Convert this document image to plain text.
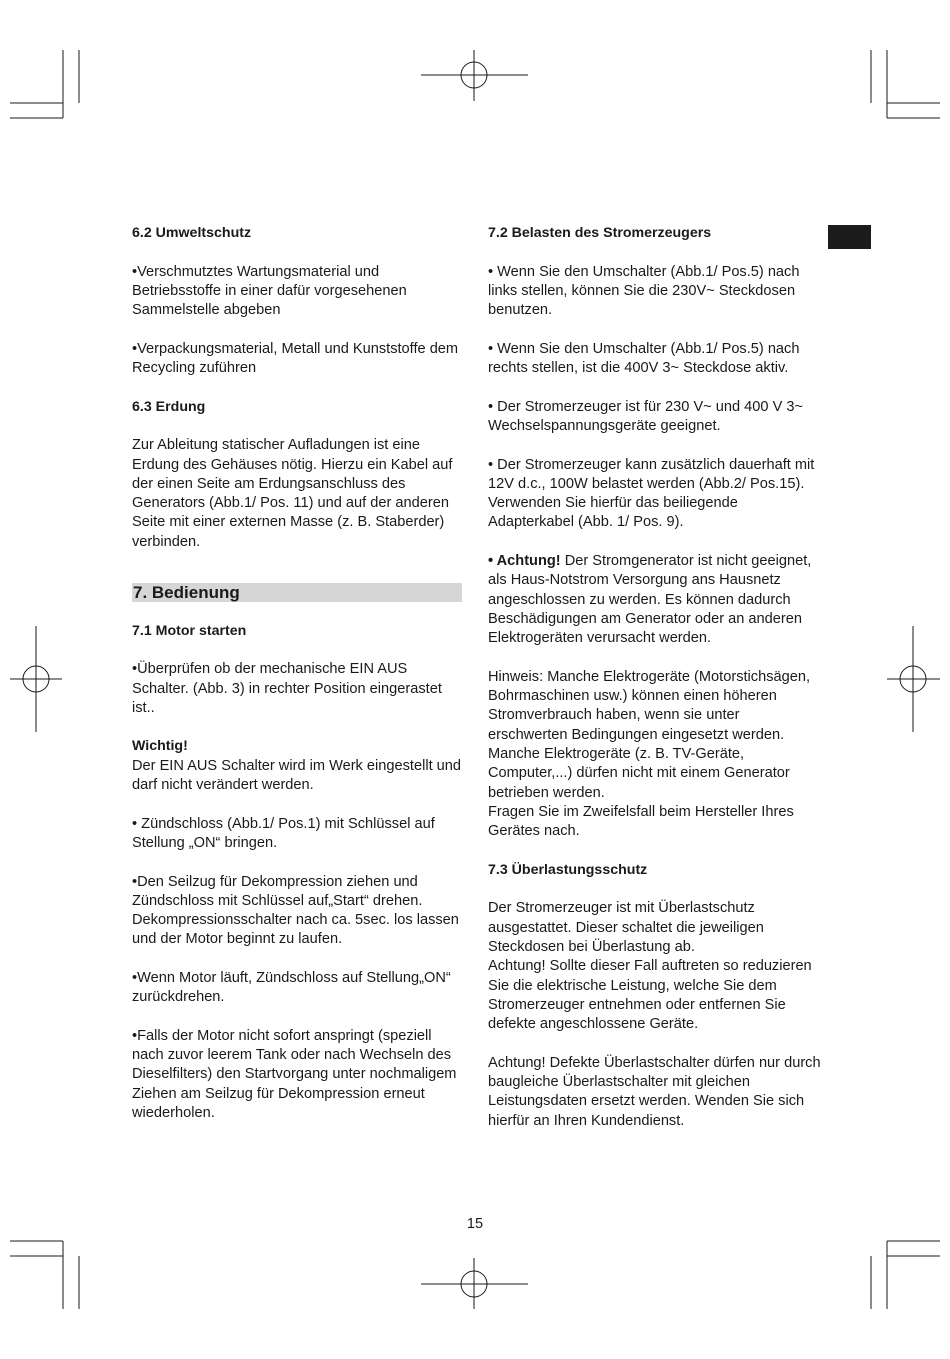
6.2 Umweltschutz

•Verschmutztes Wartungsmaterial und Betriebsstoffe in einer dafür vorgesehenen Sammelstelle abgeben

•Verpackungsmaterial, Metall und Kunststoffe dem Recycling zuführen

6.3 Erdung

Zur Ableitung statischer Aufladungen ist eine Erdung des Gehäuses nötig. Hierzu ein Kabel auf der einen Seite am Erdungsanschluss des Generators (Abb.1/ Pos. 11) und auf der anderen Seite mit einer externen Masse (z. B. Staberder) verbinden.

7. Bedienung

7.1 Motor starten

•Überprüfen ob der mechanische EIN AUS Schalter. (Abb. 3) in rechter Position eingerastet ist..

Wichtig!

Der EIN AUS Schalter wird im Werk eingestellt und darf nicht verändert werden.

• Zündschloss (Abb.1/ Pos.1) mit Schlüssel auf Stellung „ON“ bringen.

•Den Seilzug für Dekompression ziehen und Zündschloss mit Schlüssel auf„Start“ drehen. Dekompressionsschalter nach ca. 5sec. los lassen und der Motor beginnt zu laufen.

•Wenn Motor läuft, Zündschloss auf Stellung„ON“ zurückdrehen.

•Falls der Motor nicht sofort anspringt (speziell nach zuvor leerem Tank oder nach Wechseln des Dieselfilters) den Startvorgang unter nochmaligem Ziehen am Seilzug für Dekompression erneut wiederholen.

7.2 Belasten des Stromerzeugers

• Wenn Sie den Umschalter (Abb.1/ Pos.5) nach links stellen, können Sie die 230V~ Steckdosen benutzen.

• Wenn Sie den Umschalter (Abb.1/ Pos.5) nach rechts stellen, ist die 400V 3~ Steckdose aktiv.

• Der Stromerzeuger ist für 230 V~ und 400 V 3~ Wechselspannungsgeräte geeignet.

• Der Stromerzeuger kann zusätzlich dauerhaft mit 12V d.c., 100W belastet werden (Abb.2/ Pos.15). Verwenden Sie hierfür das beiliegende Adapterkabel (Abb. 1/ Pos. 9).

• Achtung! Der Stromgenerator ist nicht geeignet, als Haus-Notstrom Versorgung ans Hausnetz angeschlossen zu werden. Es können dadurch Beschädigungen am Generator oder an anderen Elektrogeräten verursacht werden.

Hinweis: Manche Elektrogeräte (Motorstichsägen, Bohrmaschinen usw.) können einen höheren Stromverbrauch haben, wenn sie unter erschwerten Bedingungen eingesetzt werden. Manche Elektrogeräte (z. B. TV-Geräte, Computer,...) dürfen nicht mit einem Generator betrieben werden.

Fragen Sie im Zweifelsfall beim Hersteller Ihres Gerätes nach.

7.3 Überlastungsschutz

Der Stromerzeuger ist mit Überlastschutz ausgestattet. Dieser schaltet die jeweiligen Steckdosen bei Überlastung ab.

Achtung! Sollte dieser Fall auftreten so reduzieren Sie die elektrische Leistung, welche Sie dem Stromerzeuger entnehmen oder entfernen Sie defekte angeschlossene Geräte.

Achtung! Defekte Überlastschalter dürfen nur durch baugleiche Überlastschalter mit gleichen Leistungsdaten ersetzt werden. Wenden Sie sich hierfür an Ihren Kundendienst.

15
